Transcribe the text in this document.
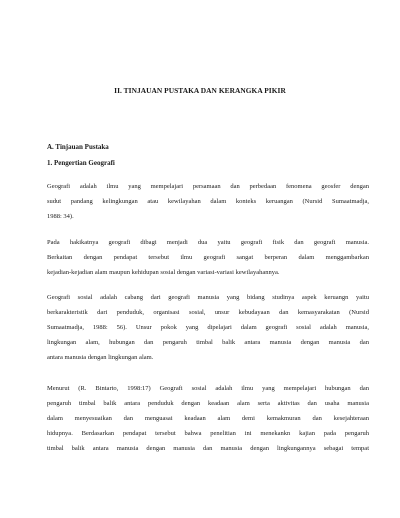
II. TINJAUAN PUSTAKA DAN KERANGKA PIKIR
A. Tinjauan Pustaka
1. Pengertian Geografi
Geografi adalah ilmu yang mempelajari persamaan dan perbedaan fenomena geosfer dengan
sudut pandang kelingkungan atau kewilayahan dalam konteks keruangan (Nursid Sumaatmadja,
1988: 34).
Pada hakikatnya geografi dibagi menjadi dua yaitu geografi fisik dan geografi manusia.
Berkaitan dengan pendapat tersebut ilmu geografi sangat berperan dalam menggambarkan
kejadian-kejadian alam maupun kehidupan sosial dengan variasi-variasi kewilayahannya.
Geografi sosial adalah cabang dari geografi manusia yang bidang studinya aspek keruangn yaitu
berkarakteristik dari penduduk, organisasi sosial, unsur kebudayaan dan kemasyarakatan (Nursid
Sumaatmadja, 1988: 56). Unsur pokok yang dipelajari dalam geografi sosial adalah manusia,
lingkungan alam, hubungan dan pengaruh timbal balik antara manusia dengan manusia dan
antara manusia dengan lingkungan alam.
Menurut (R. Bintarto, 1998:17) Geografi sosial adalah ilmu yang mempelajari hubungan dan
pengaruh timbal balik antara penduduk dengan keadaan alam serta aktivitas dan usaha manusia
dalam menyesuaikan dan menguasai keadaan alam demi kemakmuran dan kesejahteraan
hidupnya. Berdasarkan pendapat tersebut bahwa penelitian ini menekankn kajian pada pengaruh
timbal balik antara manusia dengan manusia dan manusia dengan lingkungannya sebagai tempat
